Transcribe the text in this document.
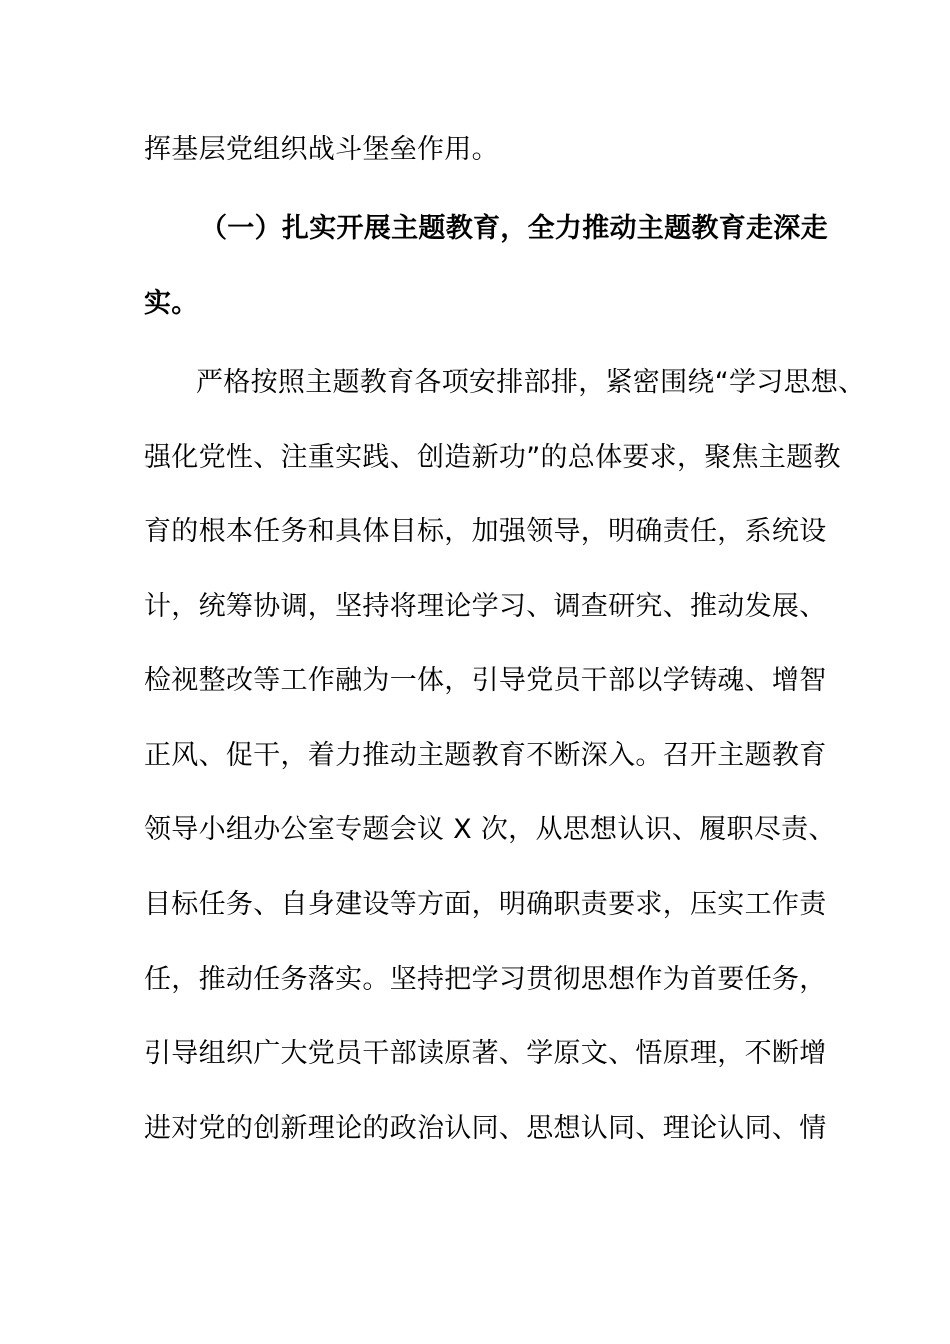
挥基层党组织战斗堡垒作用。
（一）扎实开展主题教育，全力推动主题教育走深走
实。
严格按照主题教育各项安排部排，紧密围绕“学习思想、
强化党性、注重实践、创造新功”的总体要求，聚焦主题教
育的根本任务和具体目标，加强领导，明确责任，系统设
计，统筹协调，坚持将理论学习、调查研究、推动发展、
检视整改等工作融为一体，引导党员干部以学铸魂、增智
正风、促干，着力推动主题教育不断深入。召开主题教育
领导小组办公室专题会议 X 次，从思想认识、履职尽责、
目标任务、自身建设等方面，明确职责要求，压实工作责
任，推动任务落实。坚持把学习贯彻思想作为首要任务，
引导组织广大党员干部读原著、学原文、悟原理，不断增
进对党的创新理论的政治认同、思想认同、理论认同、情
